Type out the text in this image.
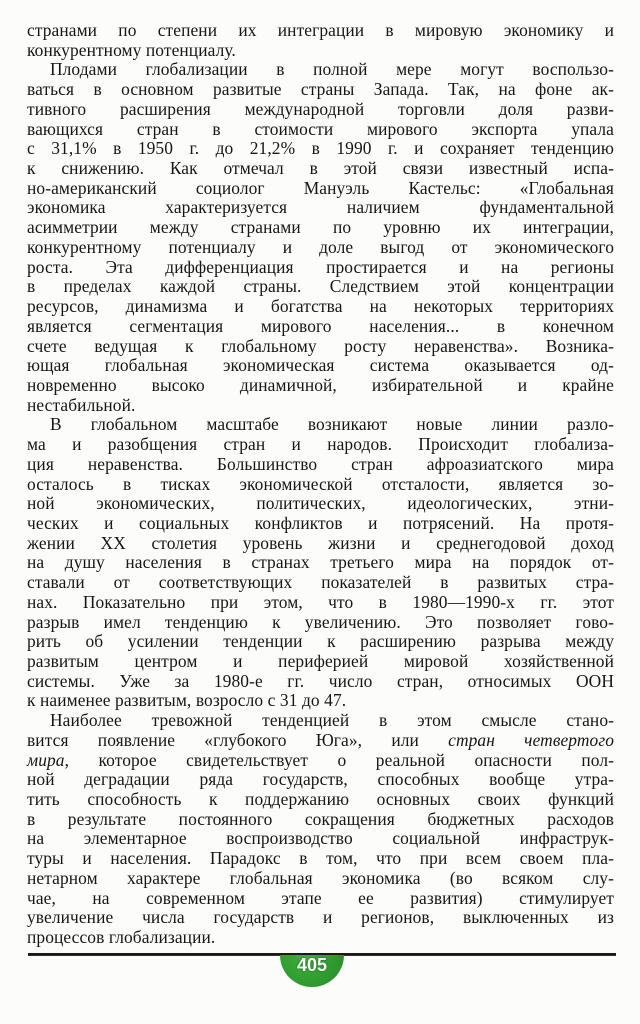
странами по степени их интеграции в мировую экономику и
конкурентному потенциалу.
Плодами глобализации в полной мере могут воспользо-
ваться в основном развитые страны Запада. Так, на фоне ак-
тивного расширения международной торговли доля разви-
вающихся стран в стоимости мирового экспорта упала
с 31,1% в 1950 г. до 21,2% в 1990 г. и сохраняет тенденцию
к снижению. Как отмечал в этой связи известный испа-
но-американский социолог Мануэль Кастельс: «Глобальная
экономика характеризуется наличием фундаментальной
асимметрии между странами по уровню их интеграции,
конкурентному потенциалу и доле выгод от экономического
роста. Эта дифференциация простирается и на регионы
в пределах каждой страны. Следствием этой концентрации
ресурсов, динамизма и богатства на некоторых территориях
является сегментация мирового населения... в конечном
счете ведущая к глобальному росту неравенства». Возника-
ющая глобальная экономическая система оказывается од-
новременно высоко динамичной, избирательной и крайне
нестабильной.
В глобальном масштабе возникают новые линии разло-
ма и разобщения стран и народов. Происходит глобализа-
ция неравенства. Большинство стран афроазиатского мира
осталось в тисках экономической отсталости, является зо-
ной экономических, политических, идеологических, этни-
ческих и социальных конфликтов и потрясений. На протя-
жении XX столетия уровень жизни и среднегодовой доход
на душу населения в странах третьего мира на порядок от-
ставали от соответствующих показателей в развитых стра-
нах. Показательно при этом, что в 1980—1990-х гг. этот
разрыв имел тенденцию к увеличению. Это позволяет гово-
рить об усилении тенденции к расширению разрыва между
развитым центром и периферией мировой хозяйственной
системы. Уже за 1980-е гг. число стран, относимых ООН
к наименее развитым, возросло с 31 до 47.
Наиболее тревожной тенденцией в этом смысле стано-
вится появление «глубокого Юга», или стран четвертого
мира, которое свидетельствует о реальной опасности пол-
ной деградации ряда государств, способных вообще утра-
тить способность к поддержанию основных своих функций
в результате постоянного сокращения бюджетных расходов
на элементарное воспроизводство социальной инфраструк-
туры и населения. Парадокс в том, что при всем своем пла-
нетарном характере глобальная экономика (во всяком слу-
чае, на современном этапе ее развития) стимулирует
увеличение числа государств и регионов, выключенных из
процессов глобализации.
405
